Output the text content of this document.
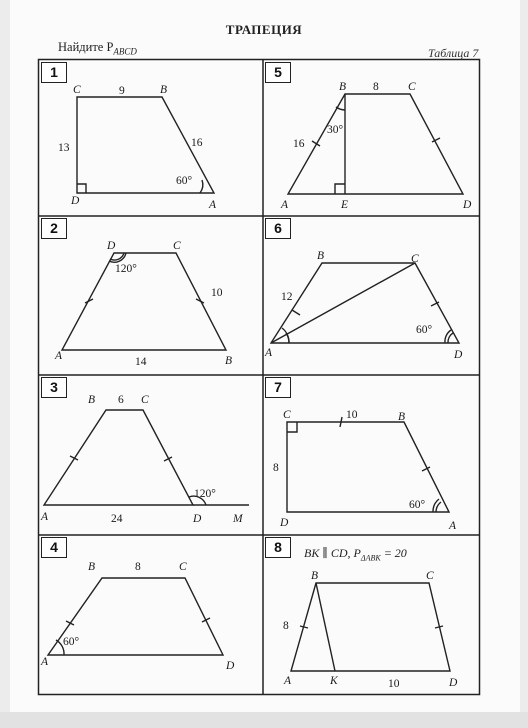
ТРАПЕЦИЯ
Найдите $P_{ABCD}$	Таблица 7
1
C	B
D	A
9
13	16
60°
5
B	C
A	E	D
8
16
30°
2
D	C
A	B
120°
10
14
6
B	C
A	D
12
60°
3
B	C
A	D	M
6
24
120°
7
C	B
D	A
10
8
60°
4
B	C
A	D
8
60°
8	BK ∥ CD, $P_{\Delta ABK} = 20$
B	C
A	K	D
8
10
